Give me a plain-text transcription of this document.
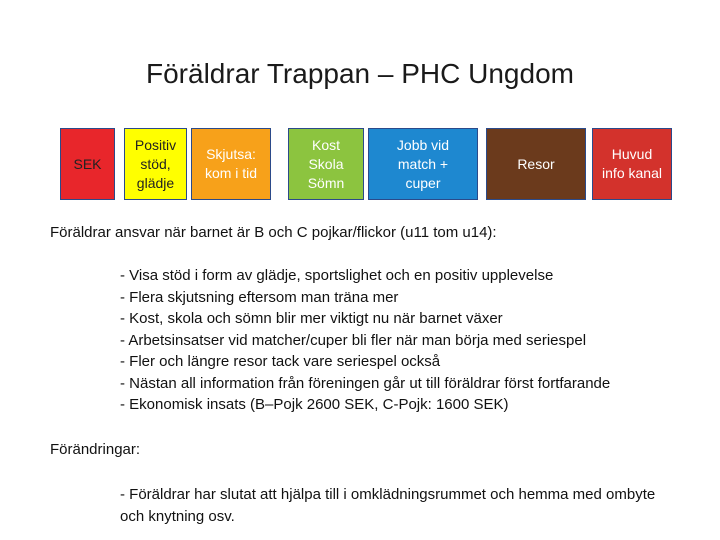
Föräldrar Trappan – PHC Ungdom
SEK
Positiv
stöd,
glädje
Skjutsa:
kom i tid
Kost
Skola
Sömn
Jobb vid
match +
cuper
Resor
Huvud
info kanal
Föräldrar ansvar när barnet är B och C pojkar/flickor (u11 tom u14):
- Visa stöd i form av glädje, sportslighet och en positiv upplevelse
- Flera skjutsning eftersom man träna mer
- Kost, skola och sömn blir mer viktigt nu när barnet växer
- Arbetsinsatser vid matcher/cuper bli fler när man börja med seriespel
- Fler och längre resor tack vare seriespel också
- Nästan all information från föreningen går ut till föräldrar först fortfarande
- Ekonomisk insats (B–Pojk 2600 SEK, C-Pojk: 1600 SEK)
Förändringar:
- Föräldrar har slutat att hjälpa till i omklädningsrummet och hemma med ombyte och knytning osv.
